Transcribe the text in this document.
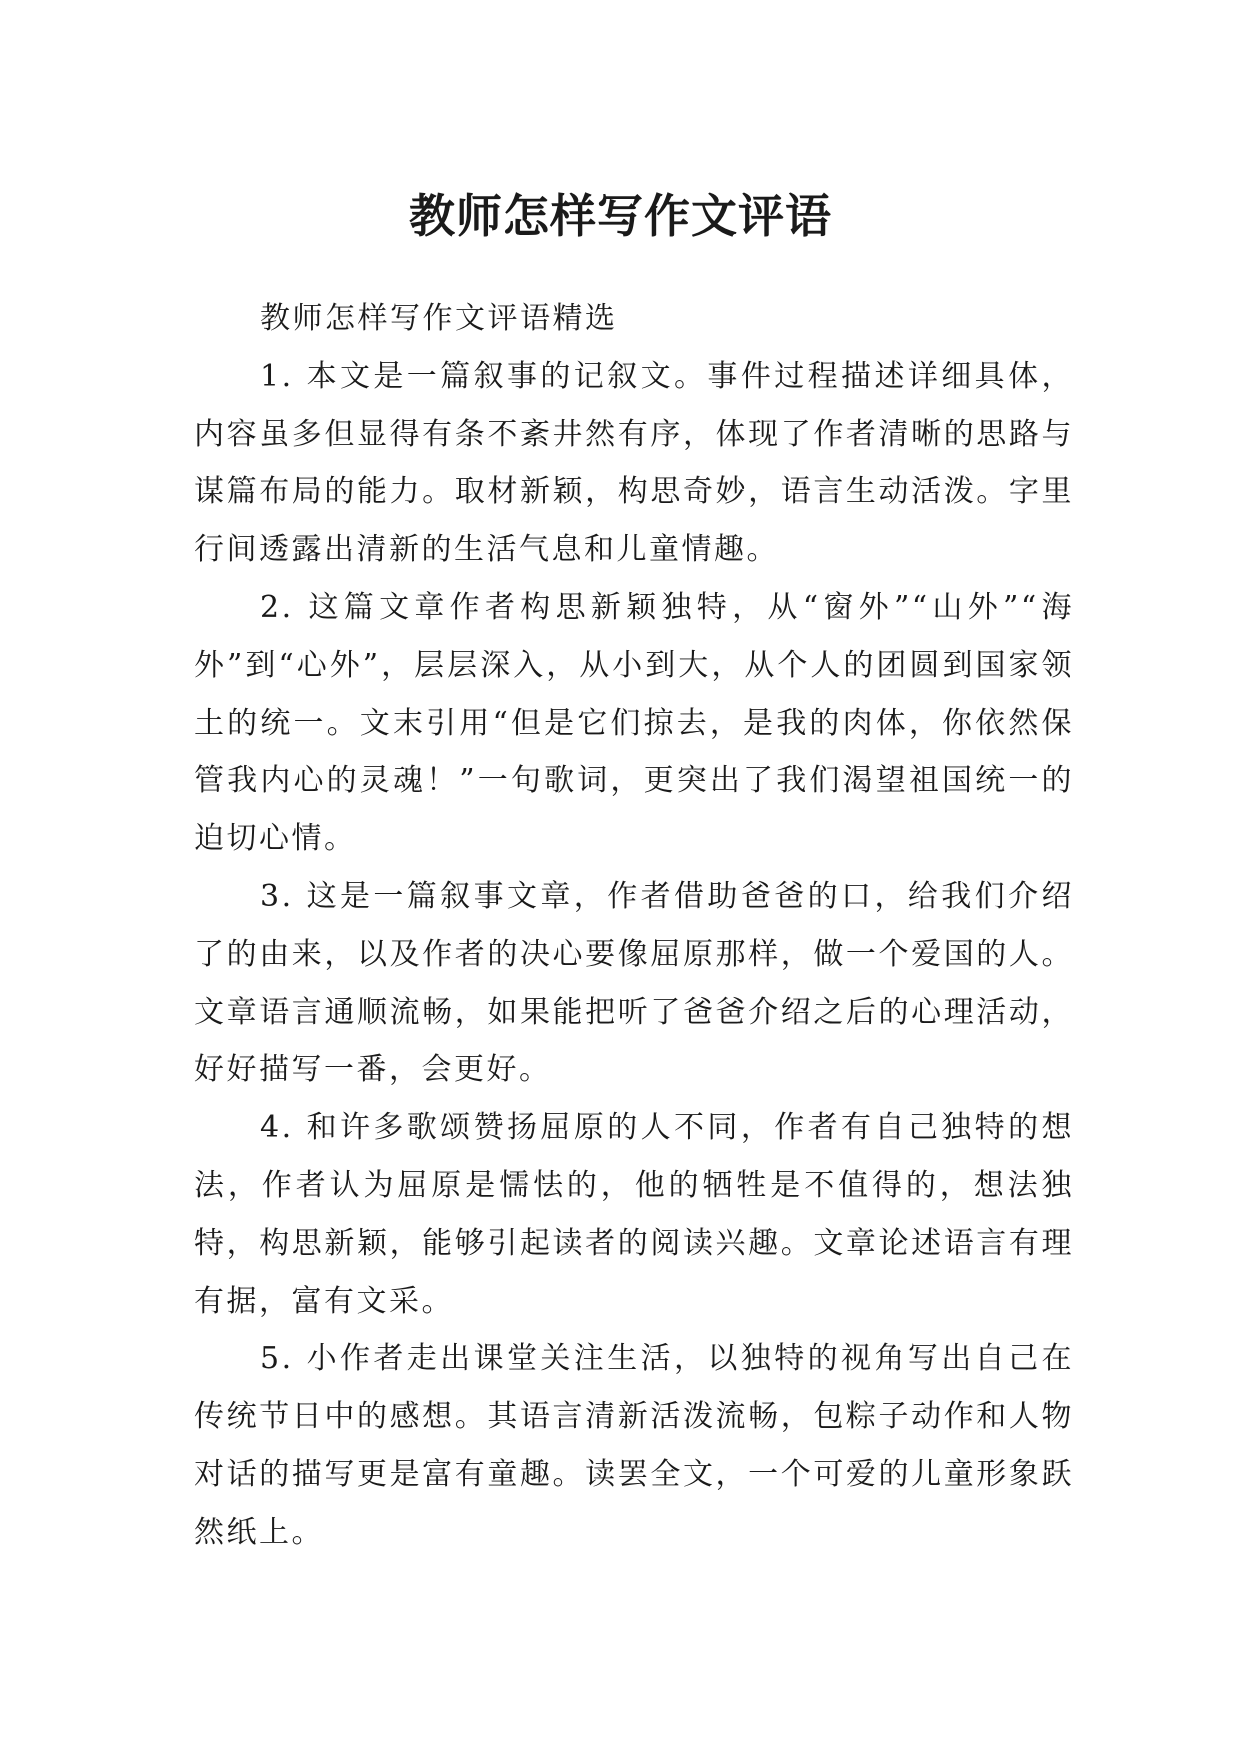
教师怎样写作文评语

教师怎样写作文评语精选

1. 本文是一篇叙事的记叙文。事件过程描述详细具体，内容虽多但显得有条不紊井然有序，体现了作者清晰的思路与谋篇布局的能力。取材新颖，构思奇妙，语言生动活泼。字里行间透露出清新的生活气息和儿童情趣。

2. 这篇文章作者构思新颖独特，从“窗外”“山外”“海外”到“心外”，层层深入，从小到大，从个人的团圆到国家领土的统一。文末引用“但是它们掠去，是我的肉体，你依然保管我内心的灵魂！”一句歌词，更突出了我们渴望祖国统一的迫切心情。

3. 这是一篇叙事文章，作者借助爸爸的口，给我们介绍了的由来，以及作者的决心要像屈原那样，做一个爱国的人。文章语言通顺流畅，如果能把听了爸爸介绍之后的心理活动，好好描写一番，会更好。

4. 和许多歌颂赞扬屈原的人不同，作者有自己独特的想法，作者认为屈原是懦怯的，他的牺牲是不值得的，想法独特，构思新颖，能够引起读者的阅读兴趣。文章论述语言有理有据，富有文采。

5. 小作者走出课堂关注生活，以独特的视角写出自己在传统节日中的感想。其语言清新活泼流畅，包粽子动作和人物对话的描写更是富有童趣。读罢全文，一个可爱的儿童形象跃然纸上。
